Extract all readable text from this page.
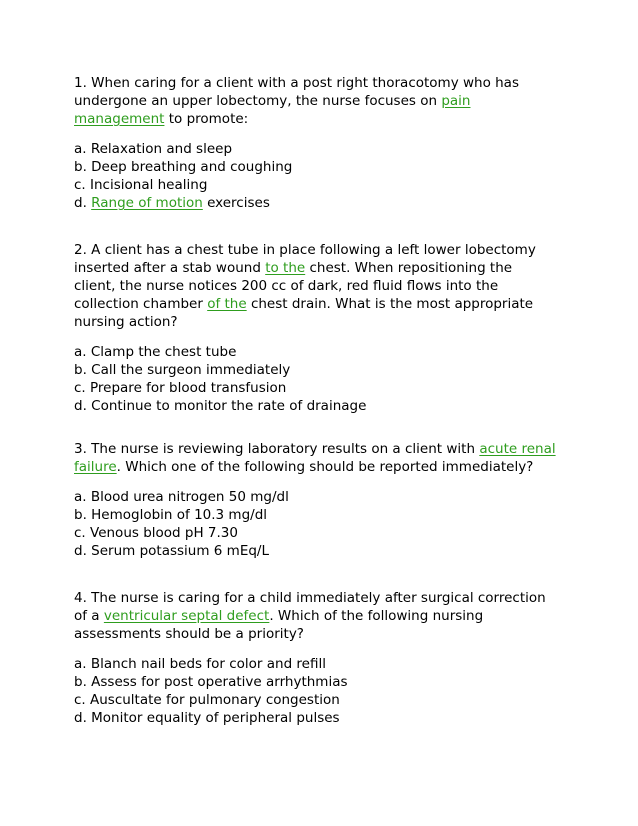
1. When caring for a client with a post right thoracotomy who has

undergone an upper lobectomy, the nurse focuses on pain

management to promote:

a. Relaxation and sleep

b. Deep breathing and coughing

c. Incisional healing

d. Range of motion exercises

2. A client has a chest tube in place following a left lower lobectomy

inserted after a stab wound to the chest. When repositioning the

client, the nurse notices 200 cc of dark, red fluid flows into the

collection chamber of the chest drain. What is the most appropriate

nursing action?

a. Clamp the chest tube

b. Call the surgeon immediately

c. Prepare for blood transfusion

d. Continue to monitor the rate of drainage

3. The nurse is reviewing laboratory results on a client with acute renal

failure. Which one of the following should be reported immediately?

a. Blood urea nitrogen 50 mg/dl

b. Hemoglobin of 10.3 mg/dl

c. Venous blood pH 7.30

d. Serum potassium 6 mEq/L

4. The nurse is caring for a child immediately after surgical correction

of a ventricular septal defect. Which of the following nursing

assessments should be a priority?

a. Blanch nail beds for color and refill

b. Assess for post operative arrhythmias

c. Auscultate for pulmonary congestion

d. Monitor equality of peripheral pulses
